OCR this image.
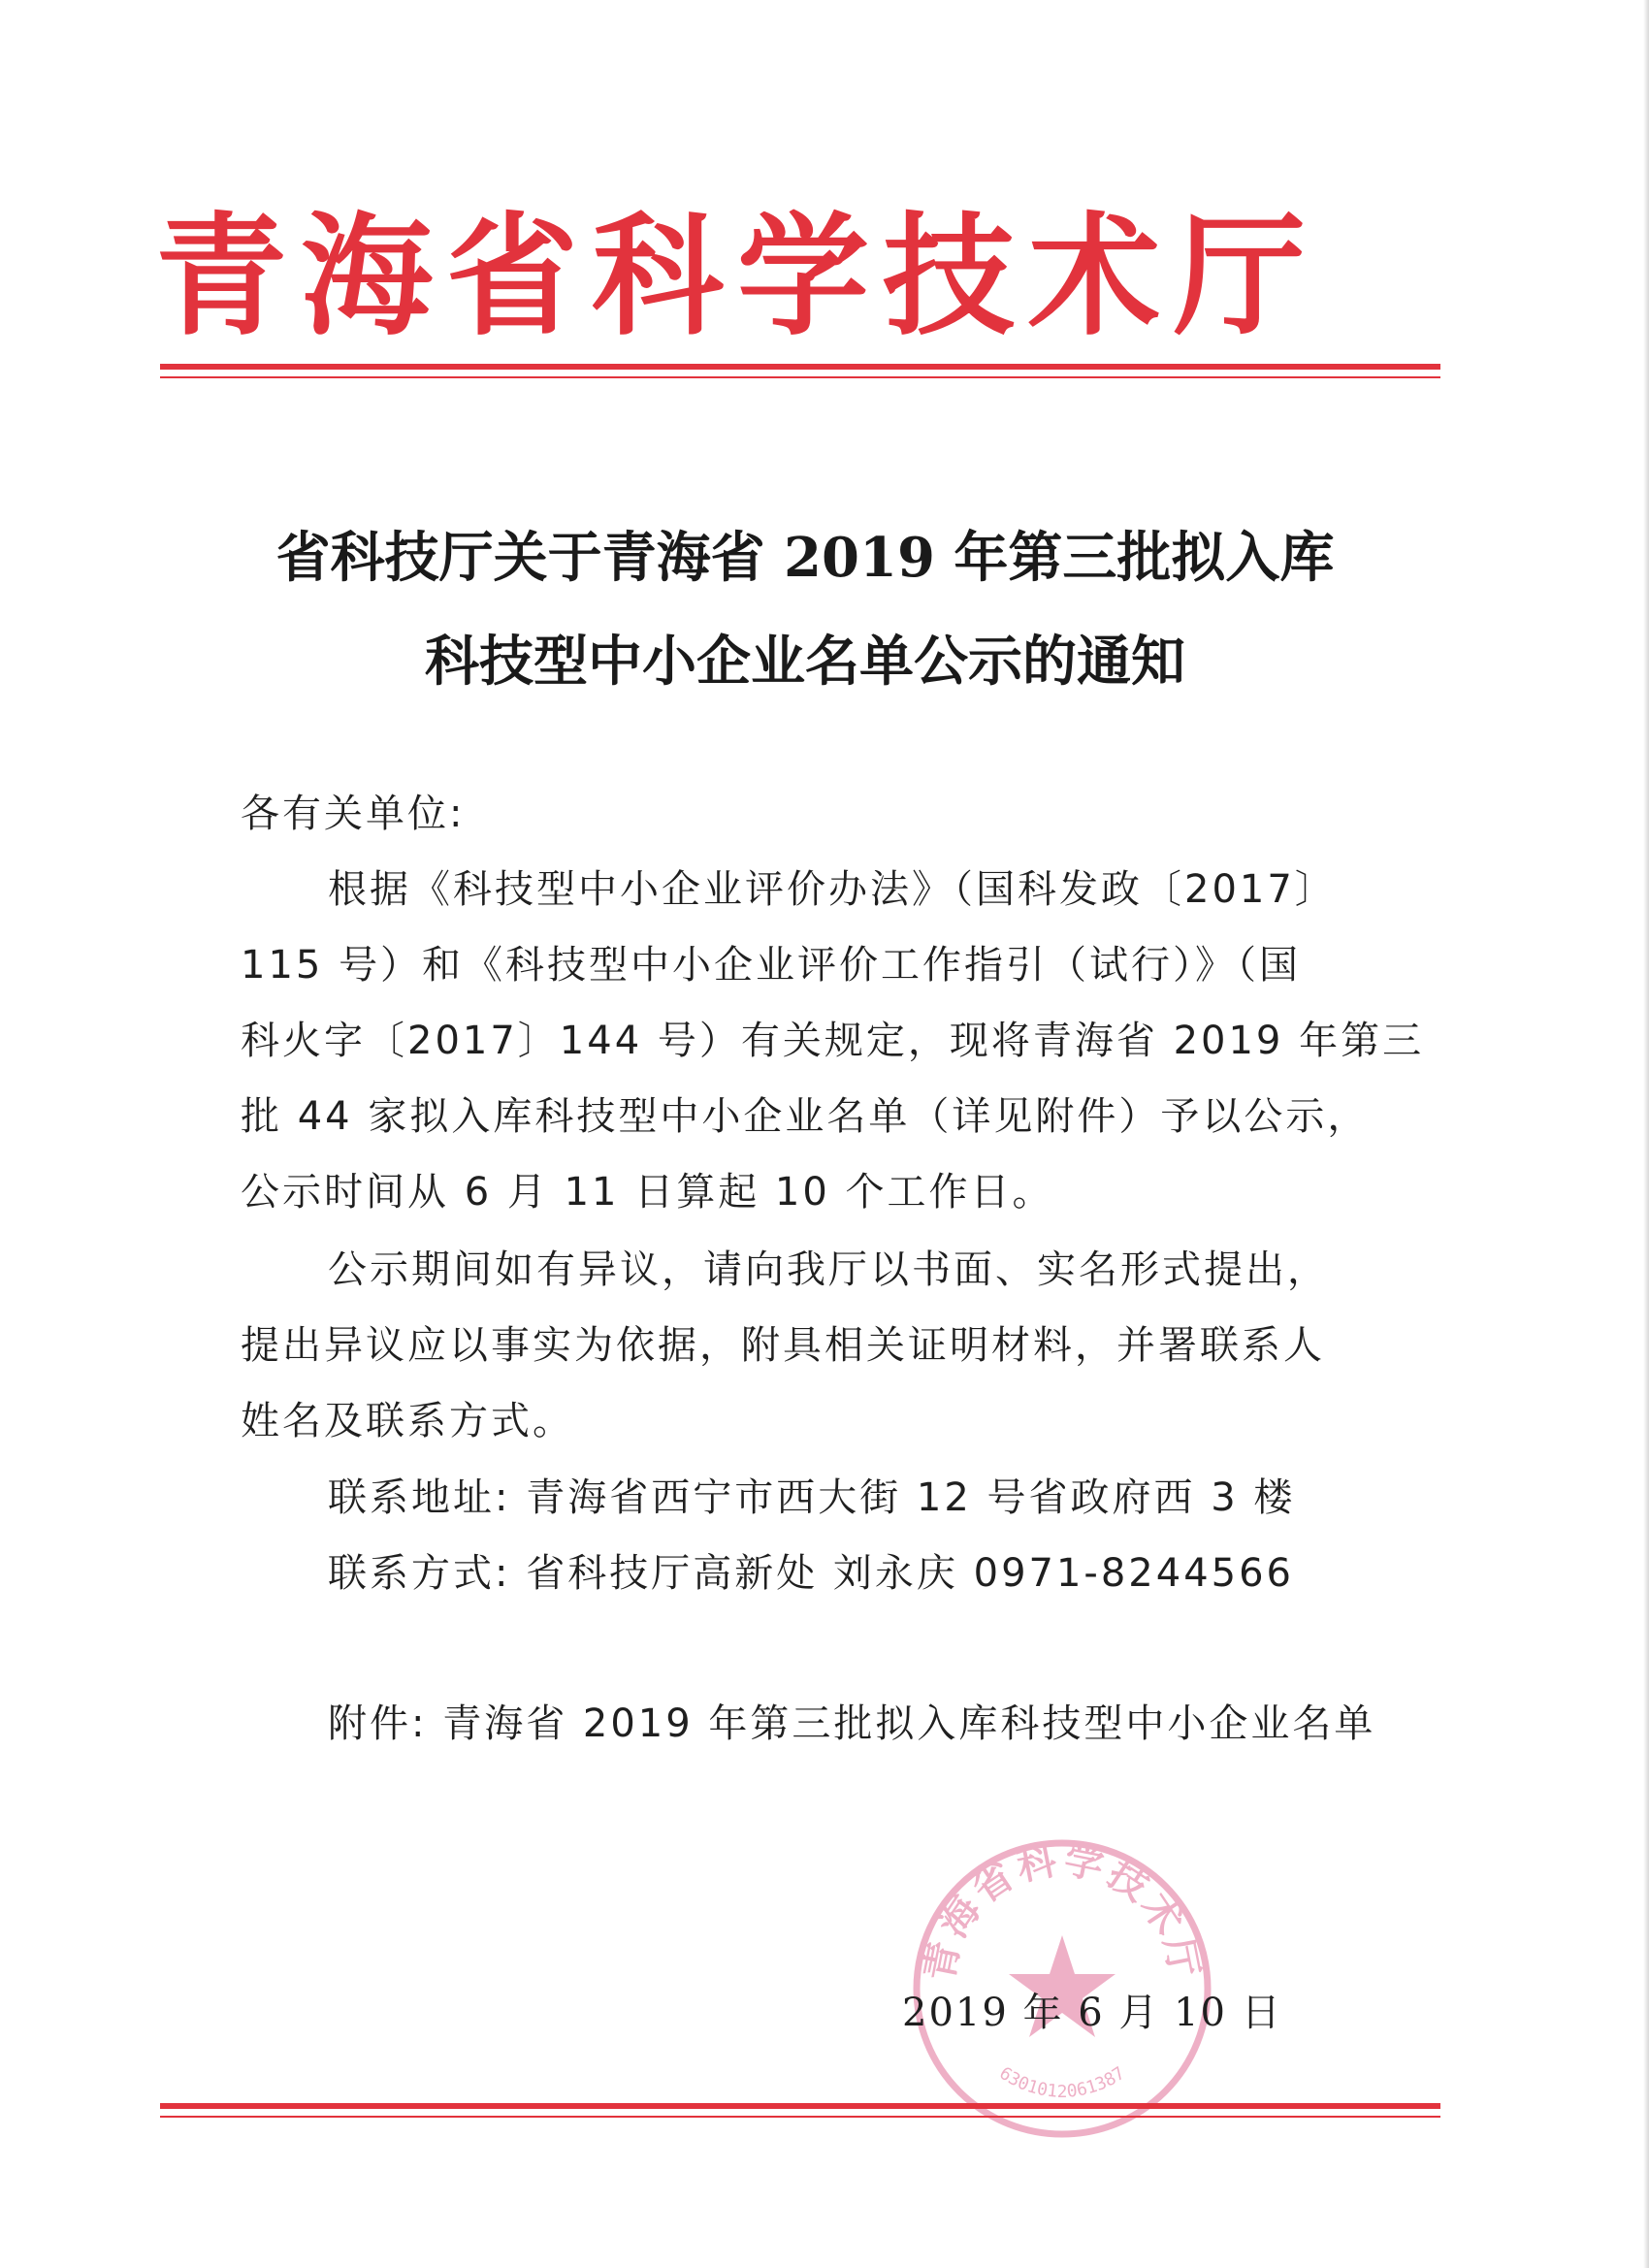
青海省科学技术厅
省科技厅关于青海省 2019 年第三批拟入库
科技型中小企业名单公示的通知
各有关单位:
根据《科技型中小企业评价办法》（国科发政〔2017〕
115 号）和《科技型中小企业评价工作指引（试行）》（国
科火字〔2017〕144 号）有关规定，现将青海省 2019 年第三
批 44 家拟入库科技型中小企业名单（详见附件）予以公示，
公示时间从 6 月 11 日算起 10 个工作日。
公示期间如有异议，请向我厅以书面、实名形式提出，
提出异议应以事实为依据，附具相关证明材料，并署联系人
姓名及联系方式。
联系地址: 青海省西宁市西大街 12 号省政府西 3 楼
联系方式: 省科技厅高新处 刘永庆 0971-8244566
附件: 青海省 2019 年第三批拟入库科技型中小企业名单
青海省科学技术厅
6301012061387
2019 年 6 月 10 日
